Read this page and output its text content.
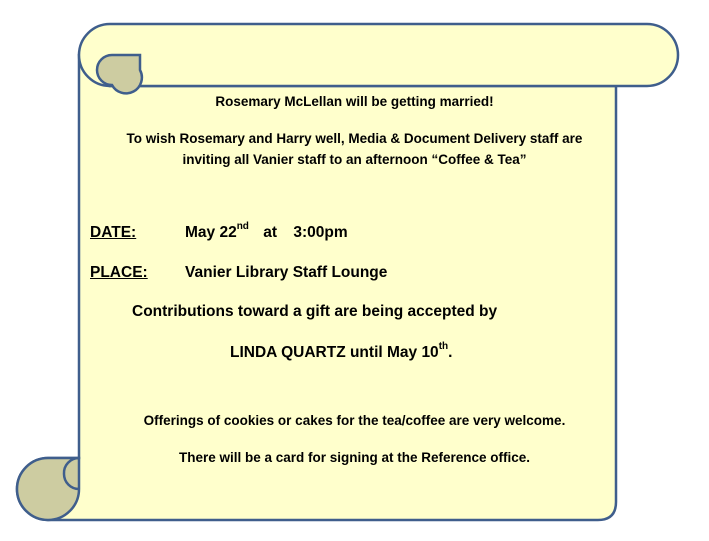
Rosemary McLellan will be getting married!
To wish Rosemary and Harry well, Media & Document Delivery staff are
inviting all Vanier staff to an afternoon “Coffee & Tea”
DATE:	May 22nd at 3:00pm
PLACE: Vanier Library Staff Lounge
Contributions toward a gift are being accepted by
LINDA QUARTZ until May 10th.
Offerings of cookies or cakes for the tea/coffee are very welcome.
There will be a card for signing at the Reference office.
